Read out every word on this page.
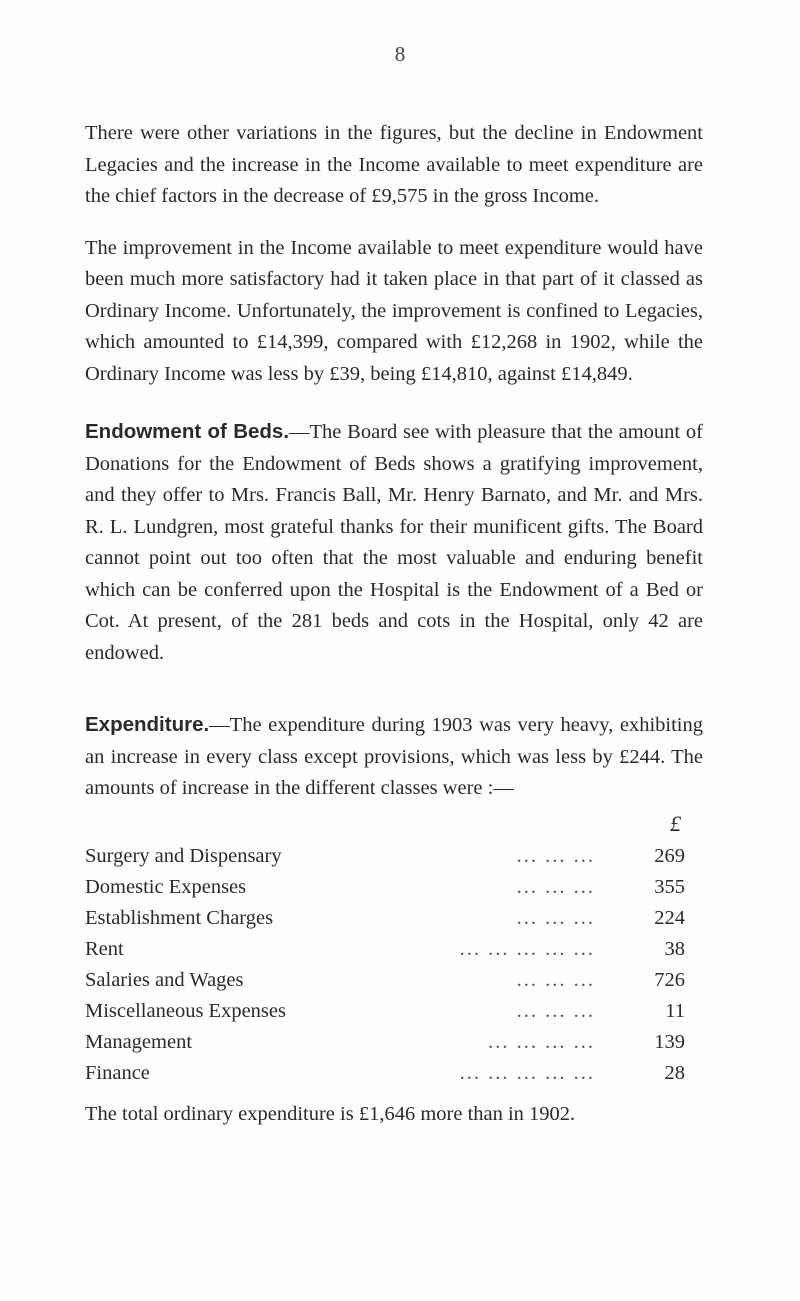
8

There were other variations in the figures, but the decline in Endowment Legacies and the increase in the Income available to meet expenditure are the chief factors in the decrease of £9,575 in the gross Income.

The improvement in the Income available to meet expenditure would have been much more satisfactory had it taken place in that part of it classed as Ordinary Income. Unfortunately, the improvement is confined to Legacies, which amounted to £14,399, compared with £12,268 in 1902, while the Ordinary Income was less by £39, being £14,810, against £14,849.

Endowment of Beds.—The Board see with pleasure that the amount of Donations for the Endowment of Beds shows a gratifying improvement, and they offer to Mrs. Francis Ball, Mr. Henry Barnato, and Mr. and Mrs. R. L. Lundgren, most grateful thanks for their munificent gifts. The Board cannot point out too often that the most valuable and enduring benefit which can be conferred upon the Hospital is the Endowment of a Bed or Cot. At present, of the 281 beds and cots in the Hospital, only 42 are endowed.

Expenditure.—The expenditure during 1903 was very heavy, exhibiting an increase in every class except provisions, which was less by £244. The amounts of increase in the different classes were :—

£
Surgery and Dispensary	... ... ...	269
Domestic Expenses	... ... ...	355
Establishment Charges	... ... ...	224
Rent	... ... ... ... ...	38
Salaries and Wages	... ... ...	726
Miscellaneous Expenses	... ... ...	11
Management	... ... ... ...	139
Finance	... ... ... ... ...	28
The total ordinary expenditure is £1,646 more than in 1902.
